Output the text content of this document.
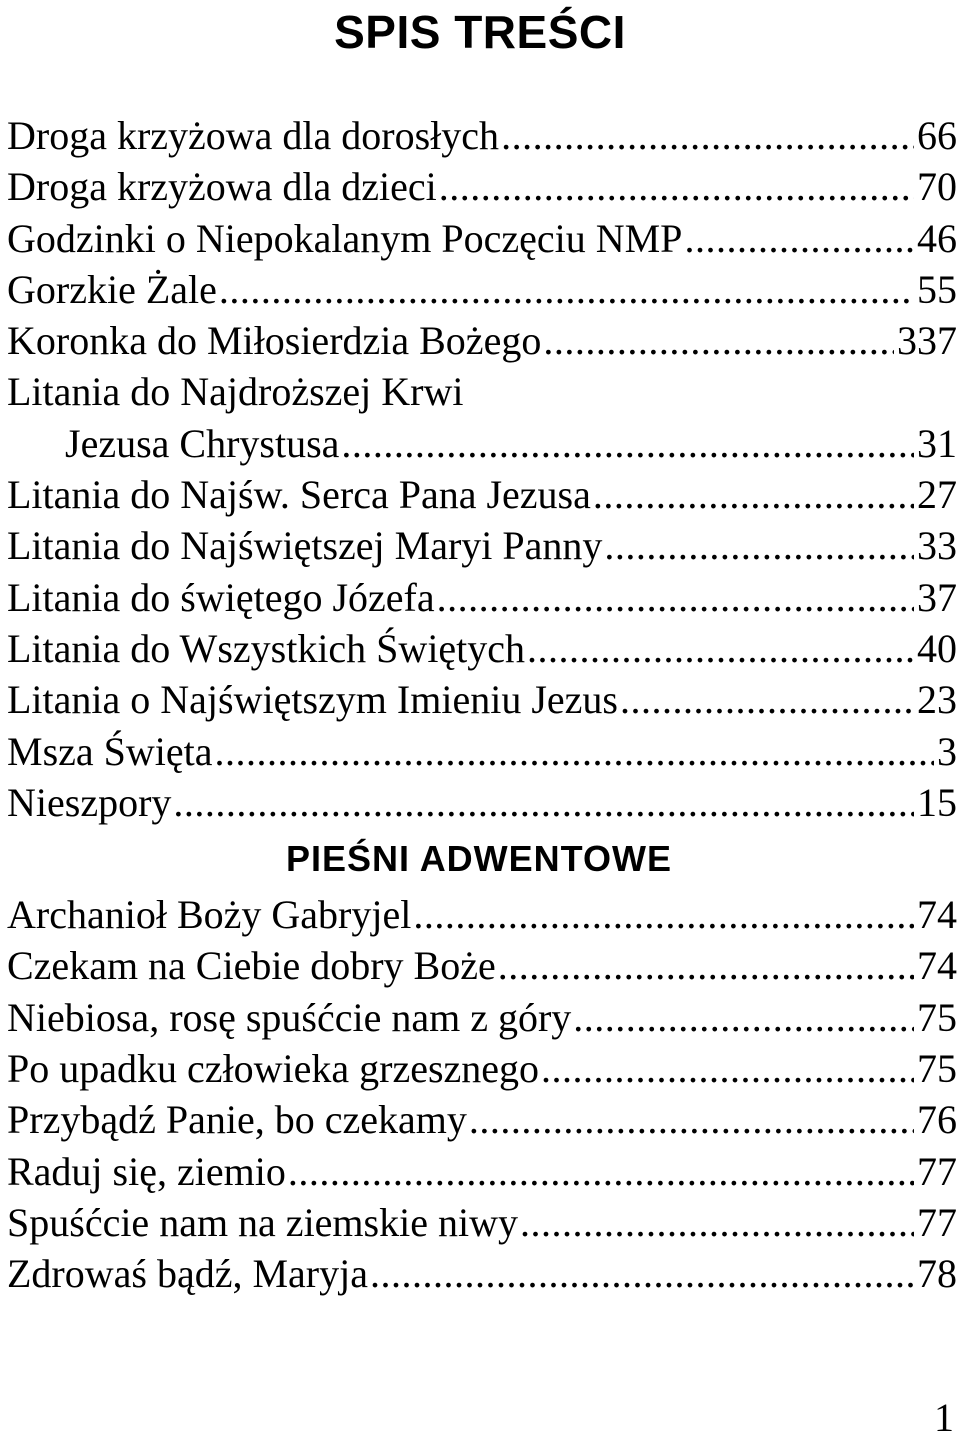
SPIS TREŚCI
Droga krzyżowa dla dorosłych .....	66
Droga krzyżowa dla dzieci .....	70
Godzinki o Niepokalanym Poczęciu NMP .....	46
Gorzkie Żale .....	55
Koronka do Miłosierdzia Bożego .....	337
Litania do Najdroższej Krwi
Jezusa Chrystusa .....	31
Litania do Najśw. Serca Pana Jezusa .....	27
Litania do Najświętszej Maryi Panny .....	33
Litania do świętego Józefa .....	37
Litania do Wszystkich Świętych .....	40
Litania o Najświętszym Imieniu Jezus .....	23
Msza Święta .....	3
Nieszpory .....	15
PIEŚNI ADWENTOWE
Archanioł Boży Gabryjel .....	74
Czekam na Ciebie dobry Boże .....	74
Niebiosa, rosę spuśćcie nam z góry .....	75
Po upadku człowieka grzesznego .....	75
Przybądź Panie, bo czekamy .....	76
Raduj się, ziemio .....	77
Spuśćcie nam na ziemskie niwy .....	77
Zdrowaś bądź, Maryja .....	78
1
